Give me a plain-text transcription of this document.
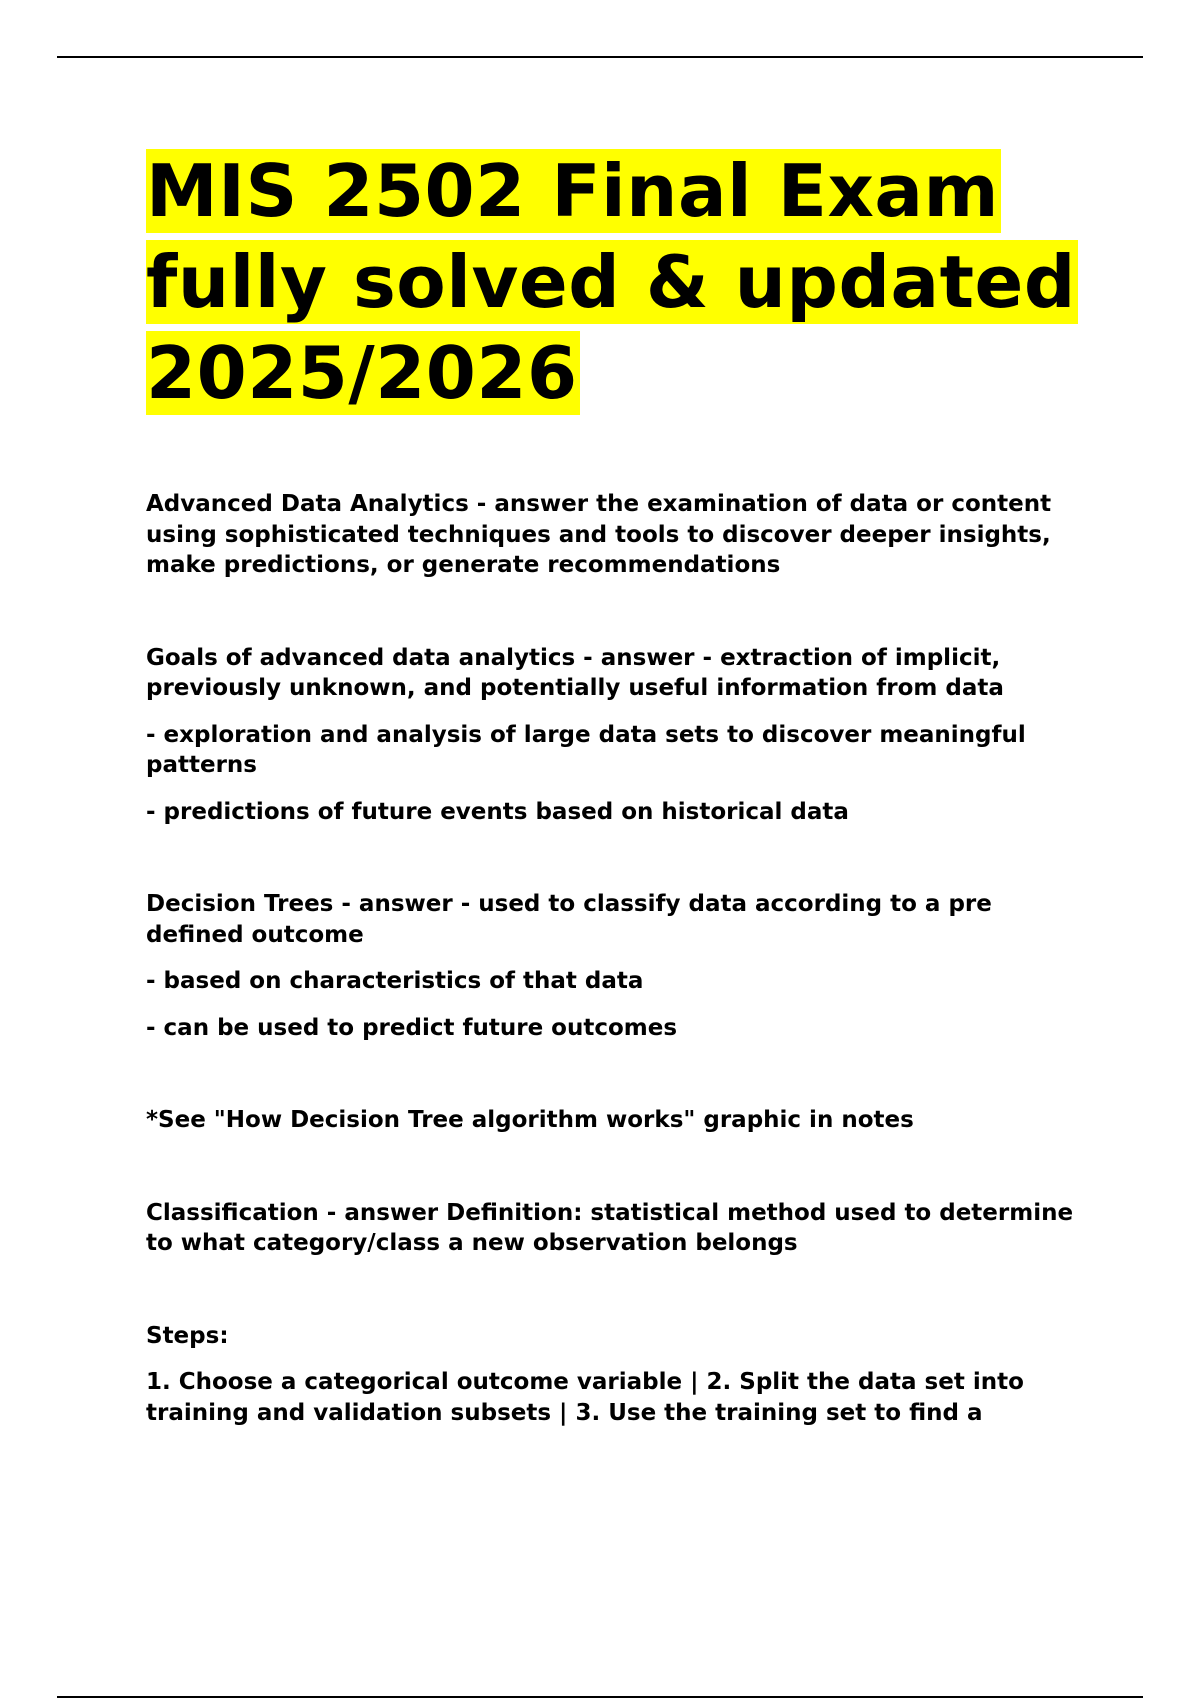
MIS 2502 Final Exam
fully solved & updated
2025/2026

Advanced Data Analytics - answer the examination of data or content using sophisticated techniques and tools to discover deeper insights, make predictions, or generate recommendations

Goals of advanced data analytics - answer - extraction of implicit, previously unknown, and potentially useful information from data

- exploration and analysis of large data sets to discover meaningful patterns

- predictions of future events based on historical data

Decision Trees - answer - used to classify data according to a pre defined outcome

- based on characteristics of that data

- can be used to predict future outcomes

*See "How Decision Tree algorithm works" graphic in notes

Classification - answer Definition: statistical method used to determine to what category/class a new observation belongs

Steps:

1. Choose a categorical outcome variable | 2. Split the data set into training and validation subsets | 3. Use the training set to find a
